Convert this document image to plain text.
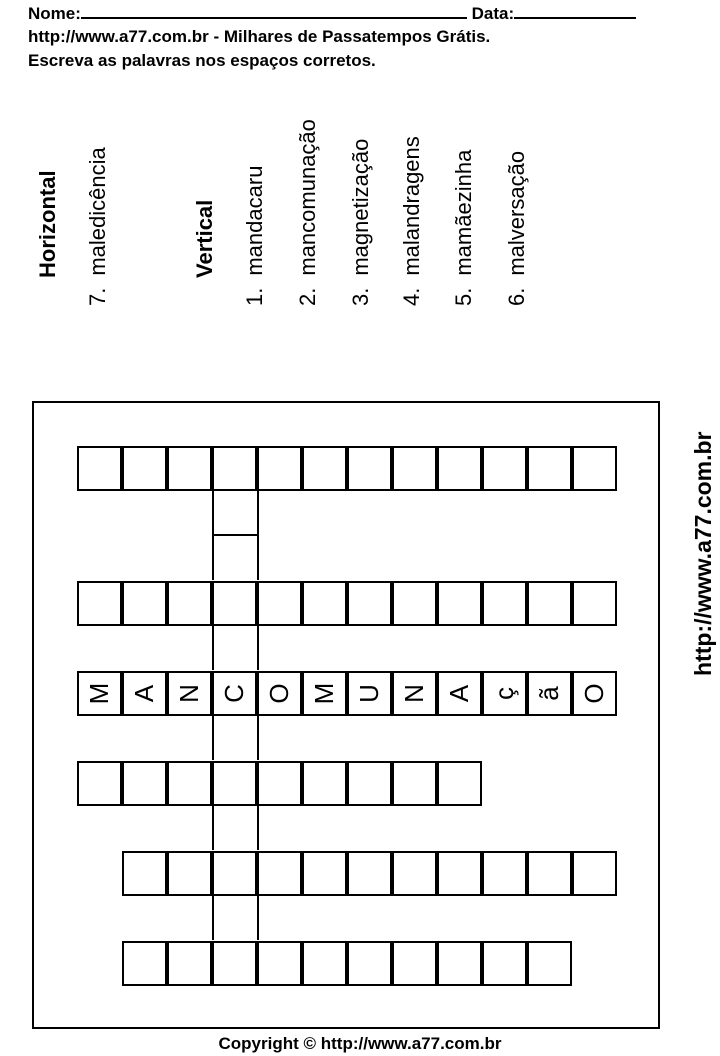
Nome:	Data:
http://www.a77.com.br - Milhares de Passatempos Grátis.
Escreva as palavras nos espaços corretos.
Horizontal
7.maledicência	Vertical
1.mandacaru
2.mancomunação
3.magnetização
4.malandragens
5.mamãezinha
6.malversação
M A N C O M U N A ç ã O
http://www.a77.com.br
Copyright © http://www.a77.com.br
